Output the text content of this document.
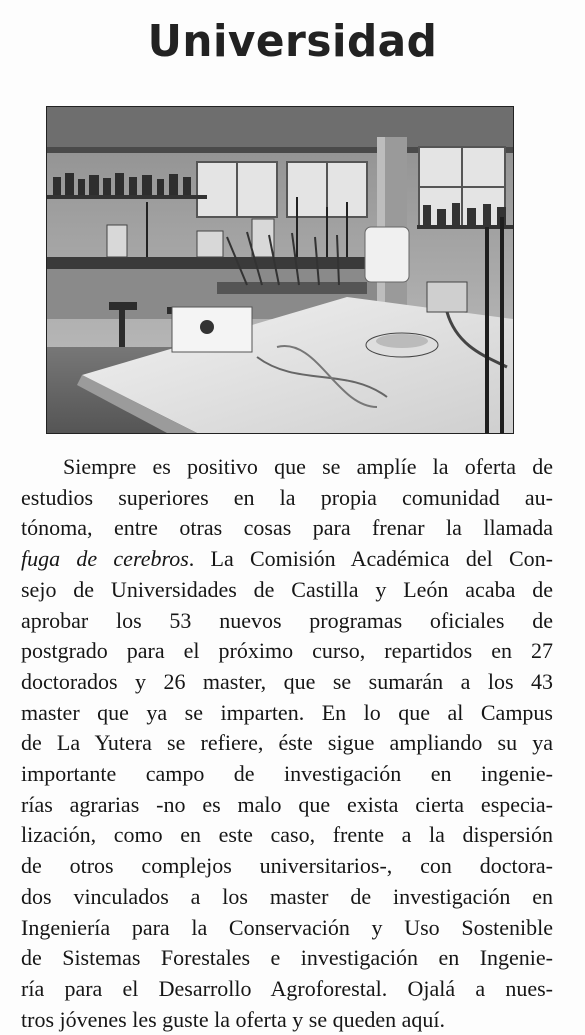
Universidad
Siempre es positivo que se amplíe la oferta de
estudios superiores en la propia comunidad au-
tónoma, entre otras cosas para frenar la llamada
fuga de cerebros. La Comisión Académica del Con-
sejo de Universidades de Castilla y León acaba de
aprobar los 53 nuevos programas oficiales de
postgrado para el próximo curso, repartidos en 27
doctorados y 26 master, que se sumarán a los 43
master que ya se imparten. En lo que al Campus
de La Yutera se refiere, éste sigue ampliando su ya
importante campo de investigación en ingenie-
rías agrarias -no es malo que exista cierta especia-
lización, como en este caso, frente a la dispersión
de otros complejos universitarios-, con doctora-
dos vinculados a los master de investigación en
Ingeniería para la Conservación y Uso Sostenible
de Sistemas Forestales e investigación en Ingenie-
ría para el Desarrollo Agroforestal. Ojalá a nues-
tros jóvenes les guste la oferta y se queden aquí.
